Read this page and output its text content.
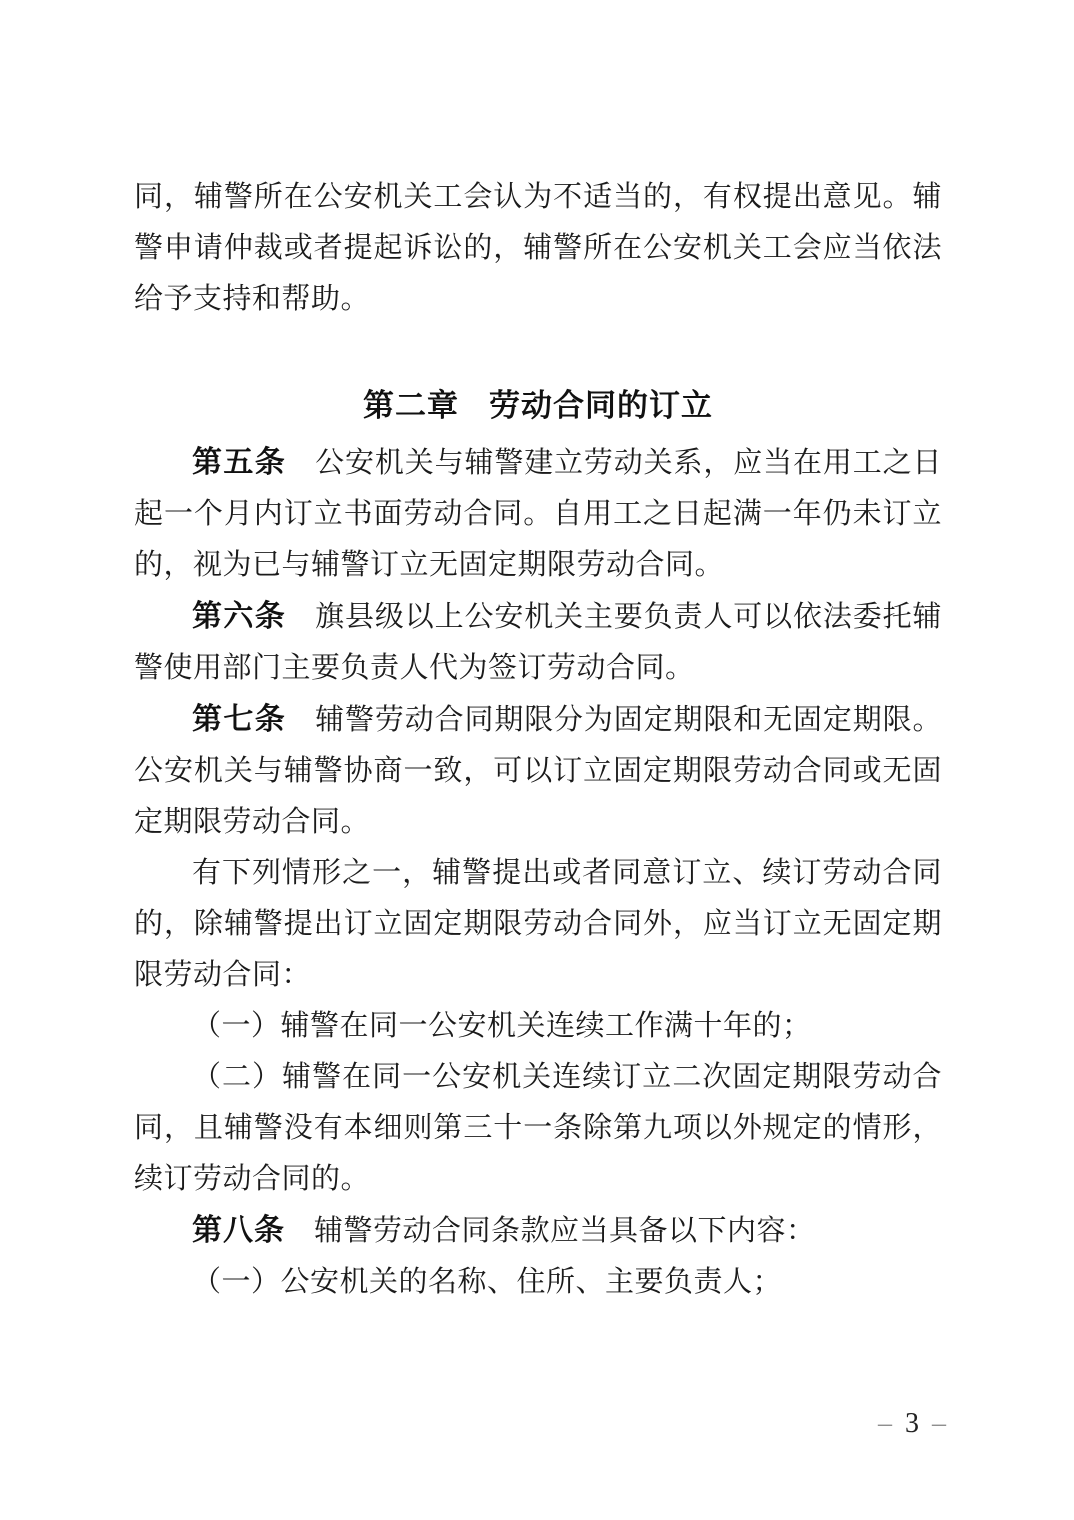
同，辅警所在公安机关工会认为不适当的，有权提出意见。辅警申请仲裁或者提起诉讼的，辅警所在公安机关工会应当依法给予支持和帮助。

第二章 劳动合同的订立

第五条 公安机关与辅警建立劳动关系，应当在用工之日起一个月内订立书面劳动合同。自用工之日起满一年仍未订立的，视为已与辅警订立无固定期限劳动合同。

第六条 旗县级以上公安机关主要负责人可以依法委托辅警使用部门主要负责人代为签订劳动合同。

第七条 辅警劳动合同期限分为固定期限和无固定期限。公安机关与辅警协商一致，可以订立固定期限劳动合同或无固定期限劳动合同。

有下列情形之一，辅警提出或者同意订立、续订劳动合同的，除辅警提出订立固定期限劳动合同外，应当订立无固定期限劳动合同：

（一）辅警在同一公安机关连续工作满十年的；

（二）辅警在同一公安机关连续订立二次固定期限劳动合同，且辅警没有本细则第三十一条除第九项以外规定的情形，续订劳动合同的。

第八条 辅警劳动合同条款应当具备以下内容：

（一）公安机关的名称、住所、主要负责人；

– 3 –
